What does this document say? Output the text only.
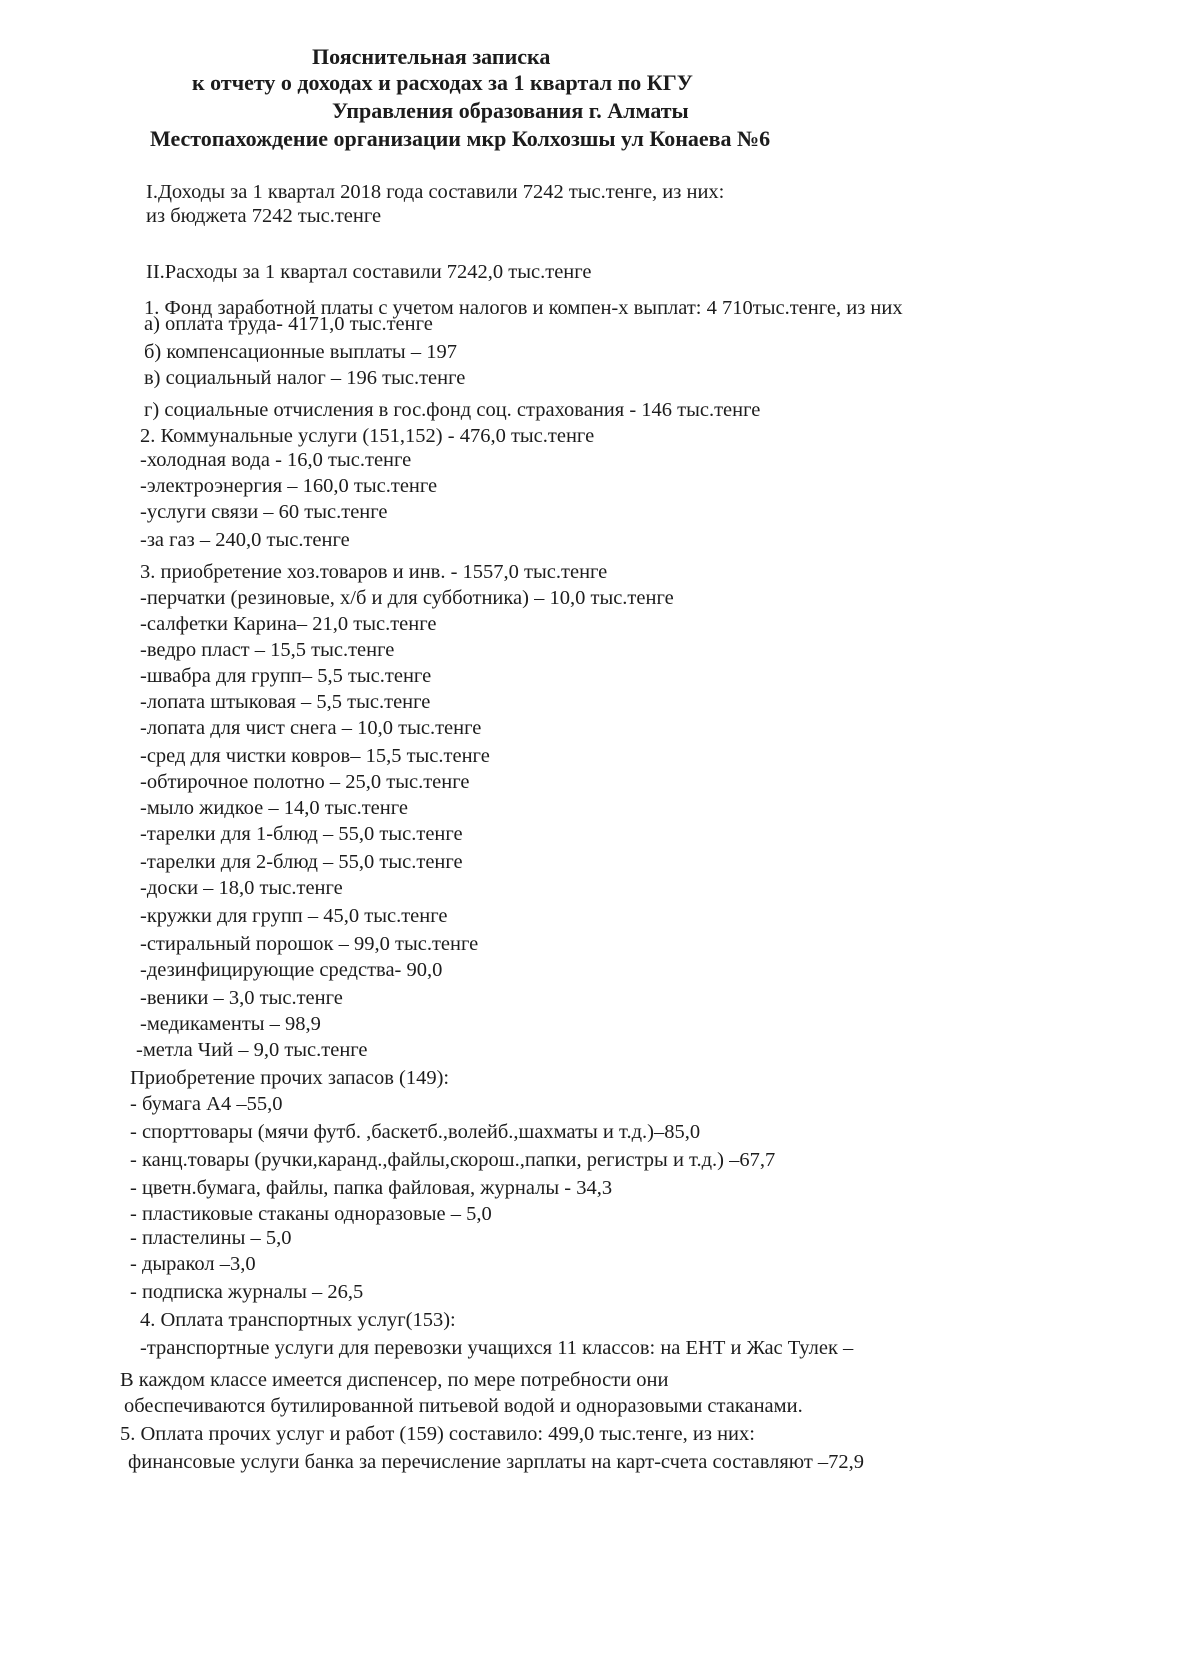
Пояснительная записка
к отчету о доходах и расходах за 1 квартал по КГУ
Управления образования г. Алматы
Местопахождение организации мкр Колхозшы ул Конаева №6
I.Доходы за 1 квартал 2018 года составили 7242 тыс.тенге, из них:
из бюджета 7242 тыс.тенге
II.Расходы за 1 квартал составили 7242,0 тыс.тенге
1. Фонд заработной платы с учетом налогов и компен-х выплат: 4 710тыс.тенге, из них
а) оплата труда- 4171,0 тыс.тенге
б) компенсационные выплаты – 197
в) социальный налог – 196 тыс.тенге
г) социальные отчисления в гос.фонд соц. страхования - 146 тыс.тенге
2. Коммунальные услуги (151,152) - 476,0 тыс.тенге
-холодная вода - 16,0 тыс.тенге
-электроэнергия – 160,0 тыс.тенге
-услуги связи – 60 тыс.тенге
-за газ – 240,0 тыс.тенге
3. приобретение хоз.товаров и инв. - 1557,0 тыс.тенге
-перчатки (резиновые, х/б и для субботника) – 10,0 тыс.тенге
-салфетки Карина– 21,0 тыс.тенге
-ведро пласт – 15,5 тыс.тенге
-швабра для групп– 5,5 тыс.тенге
-лопата штыковая – 5,5 тыс.тенге
-лопата для чист снега – 10,0 тыс.тенге
-сред для чистки ковров– 15,5 тыс.тенге
-обтирочное полотно – 25,0 тыс.тенге
-мыло жидкое – 14,0 тыс.тенге
-тарелки для 1-блюд – 55,0 тыс.тенге
-тарелки для 2-блюд – 55,0 тыс.тенге
-доски – 18,0 тыс.тенге
-кружки для групп – 45,0 тыс.тенге
-стиральный порошок – 99,0 тыс.тенге
-дезинфицирующие средства- 90,0
-веники – 3,0 тыс.тенге
-медикаменты – 98,9
-метла Чий – 9,0 тыс.тенге
Приобретение прочих запасов (149):
- бумага А4 –55,0
- спорттовары (мячи футб. ,баскетб.,волейб.,шахматы и т.д.)–85,0
- канц.товары (ручки,каранд.,файлы,скорош.,папки, регистры и т.д.) –67,7
- цветн.бумага, файлы, папка файловая, журналы - 34,3
- пластиковые стаканы одноразовые – 5,0
- пластелины – 5,0
- дыракол –3,0
- подписка журналы – 26,5
4. Оплата транспортных услуг(153):
-транспортные услуги для перевозки учащихся 11 классов: на ЕНТ и Жас Тулек –
В каждом классе имеется диспенсер, по мере потребности они
обеспечиваются бутилированной питьевой водой и одноразовыми стаканами.
5. Оплата прочих услуг и работ (159) составило: 499,0 тыс.тенге, из них:
финансовые услуги банка за перечисление зарплаты на карт-счета составляют –72,9
